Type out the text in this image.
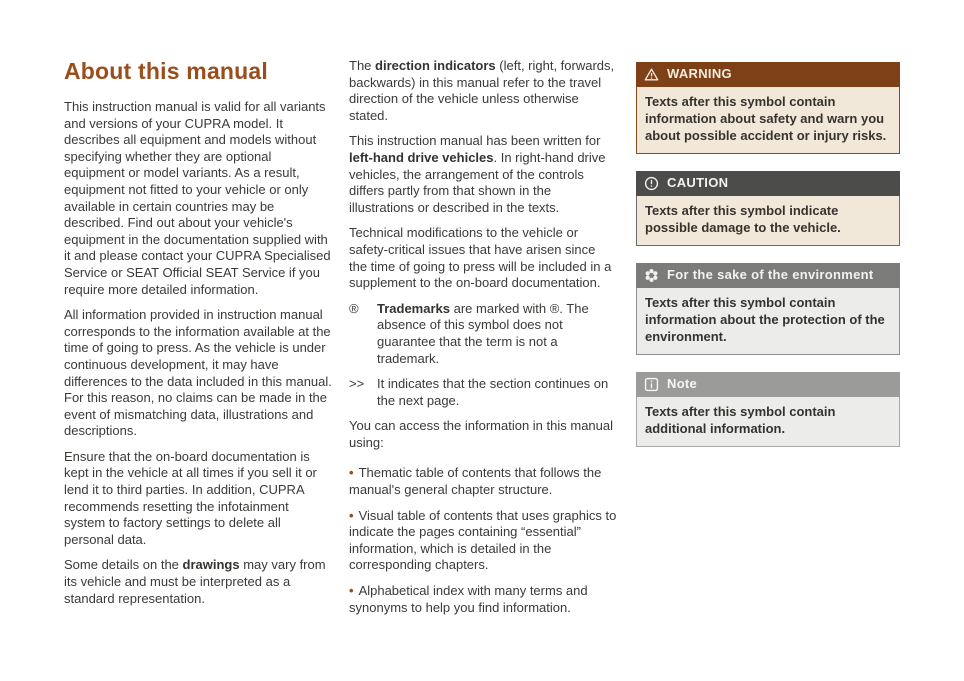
About this manual

This instruction manual is valid for all variants and versions of your CUPRA model. It describes all equipment and models without specifying whether they are optional equipment or model variants. As a result, equipment not fitted to your vehicle or only available in certain countries may be described. Find out about your vehicle's equipment in the documentation supplied with it and please contact your CUPRA Specialised Service or SEAT Official SEAT Service if you require more detailed information.

All information provided in instruction manual corresponds to the information available at the time of going to press. As the vehicle is under continuous development, it may have differences to the data included in this manual. For this reason, no claims can be made in the event of mismatching data, illustrations and descriptions.

Ensure that the on-board documentation is kept in the vehicle at all times if you sell it or lend it to third parties. In addition, CUPRA recommends resetting the infotainment system to factory settings to delete all personal data.

Some details on the drawings may vary from its vehicle and must be interpreted as a standard representation.

The direction indicators (left, right, forwards, backwards) in this manual refer to the travel direction of the vehicle unless otherwise stated.

This instruction manual has been written for left-hand drive vehicles. In right-hand drive vehicles, the arrangement of the controls differs partly from that shown in the illustrations or described in the texts.

Technical modifications to the vehicle or safety-critical issues that have arisen since the time of going to press will be included in a supplement to the on-board documentation.

®	Trademarks are marked with ®. The absence of this symbol does not guarantee that the term is not a trademark.
>> It indicates that the section continues on the next page.

You can access the information in this manual using:

• Thematic table of contents that follows the manual's general chapter structure.

• Visual table of contents that uses graphics to indicate the pages containing “essential” information, which is detailed in the corresponding chapters.

• Alphabetical index with many terms and synonyms to help you find information.

WARNING
Texts after this symbol contain information about safety and warn you about possible accident or injury risks.
CAUTION
Texts after this symbol indicate possible damage to the vehicle.
For the sake of the environment
Texts after this symbol contain information about the protection of the environment.
Note
Texts after this symbol contain additional information.
